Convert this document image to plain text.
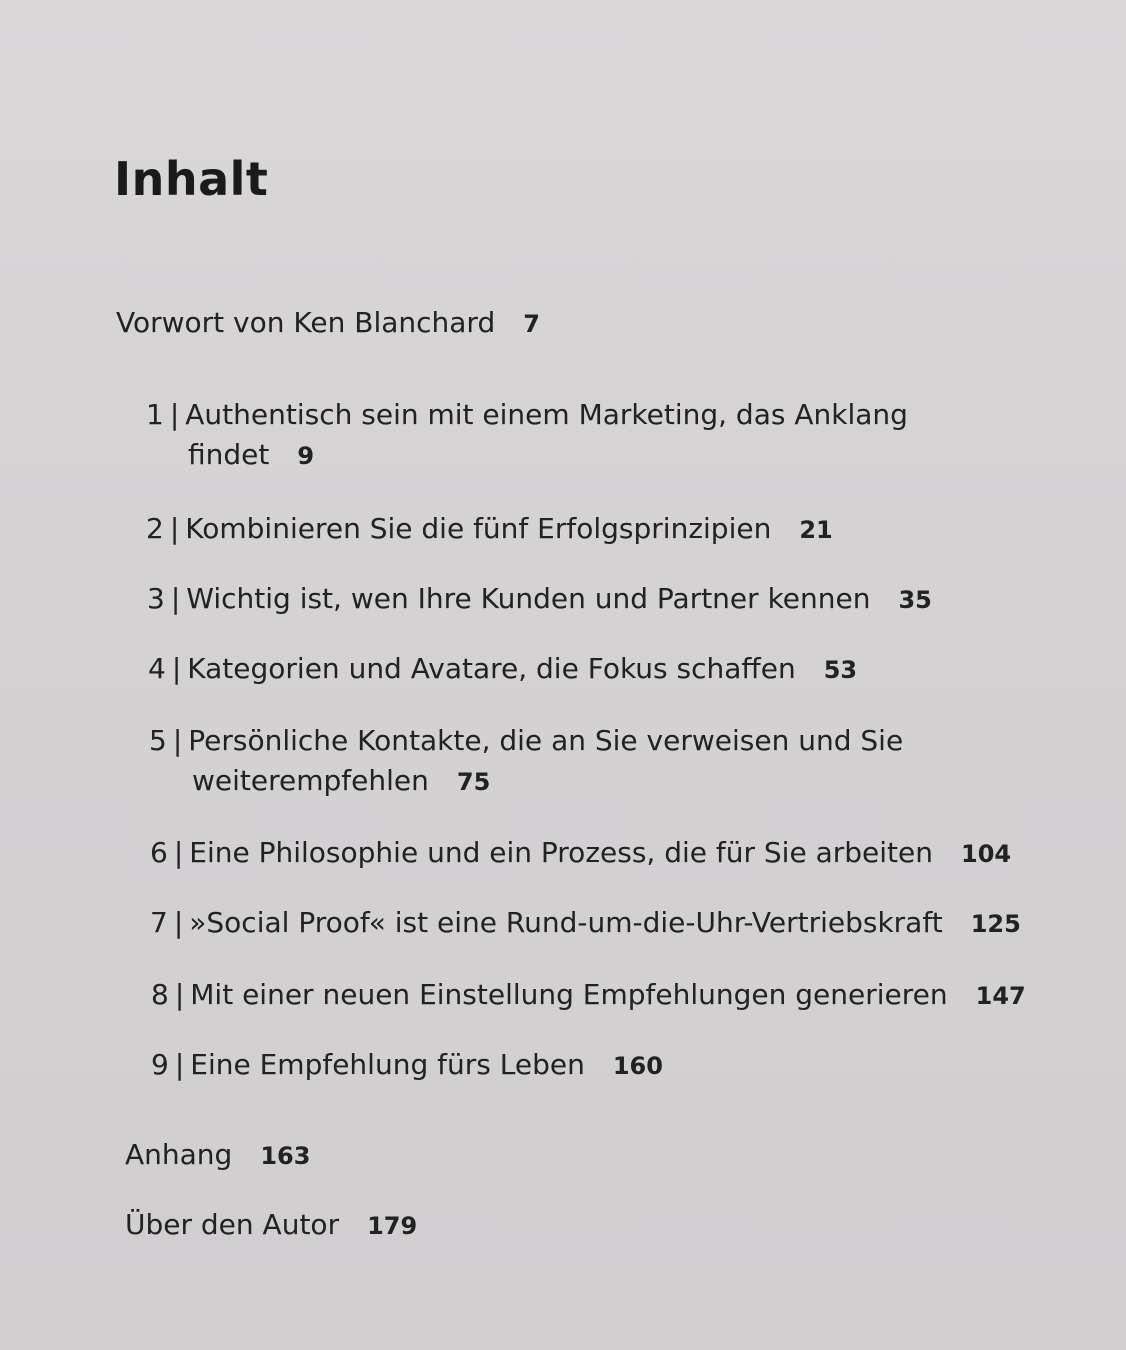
Inhalt
Vorwort von Ken Blanchard 7
1 | Authentisch sein mit einem Marketing, das Anklang
findet 9
2 | Kombinieren Sie die fünf Erfolgsprinzipien 21
3 | Wichtig ist, wen Ihre Kunden und Partner kennen 35
4 | Kategorien und Avatare, die Fokus schaffen 53
5 | Persönliche Kontakte, die an Sie verweisen und Sie
weiterempfehlen 75
6 | Eine Philosophie und ein Prozess, die für Sie arbeiten 104
7 | »Social Proof« ist eine Rund-um-die-Uhr-Vertriebskraft 125
8 | Mit einer neuen Einstellung Empfehlungen generieren 147
9 | Eine Empfehlung fürs Leben 160
Anhang 163
Über den Autor 179
